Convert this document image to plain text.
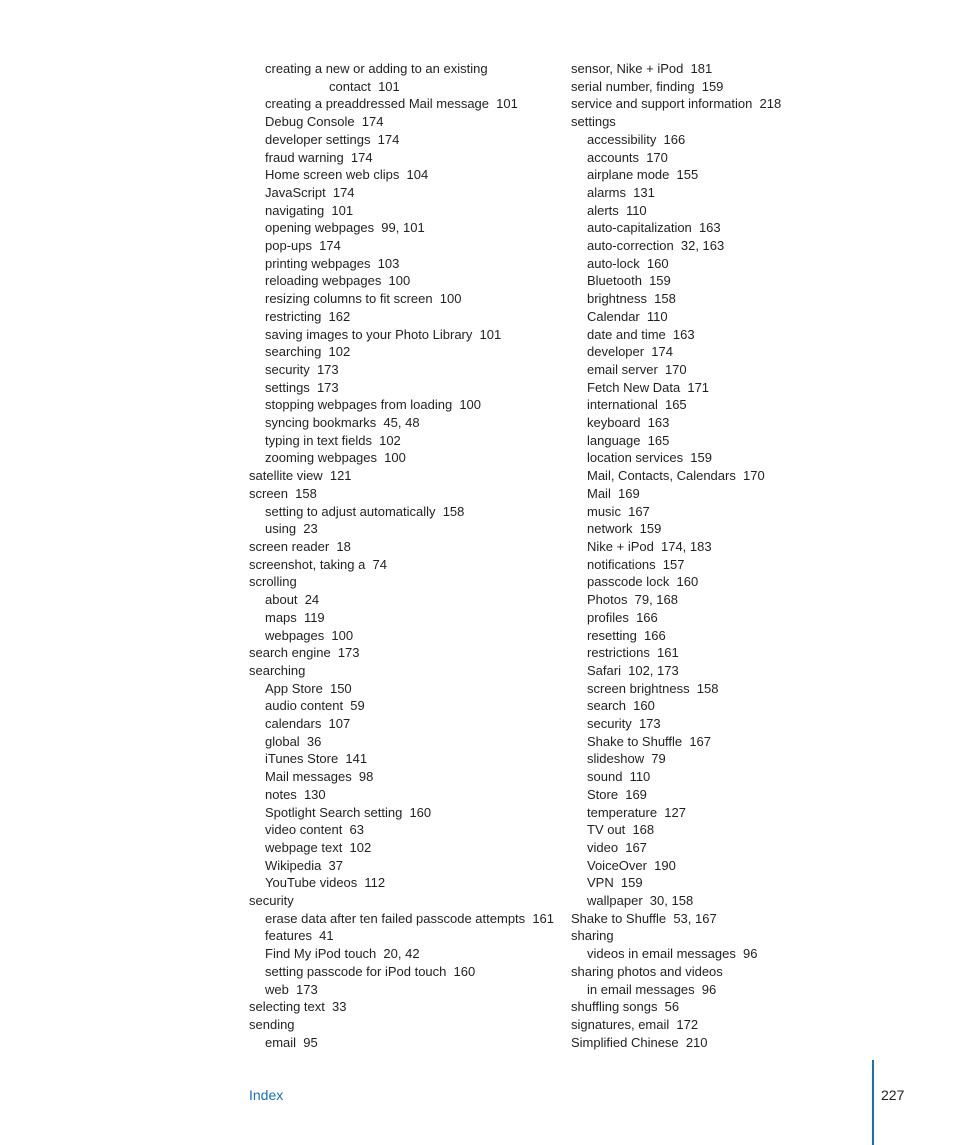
creating a new or adding to an existing
contact 101
creating a preaddressed Mail message 101
Debug Console 174
developer settings 174
fraud warning 174
Home screen web clips 104
JavaScript 174
navigating 101
opening webpages 99, 101
pop-ups 174
printing webpages 103
reloading webpages 100
resizing columns to fit screen 100
restricting 162
saving images to your Photo Library 101
searching 102
security 173
settings 173
stopping webpages from loading 100
syncing bookmarks 45, 48
typing in text fields 102
zooming webpages 100
satellite view 121
screen 158
setting to adjust automatically 158
using 23
screen reader 18
screenshot, taking a 74
scrolling
about 24
maps 119
webpages 100
search engine 173
searching
App Store 150
audio content 59
calendars 107
global 36
iTunes Store 141
Mail messages 98
notes 130
Spotlight Search setting 160
video content 63
webpage text 102
Wikipedia 37
YouTube videos 112
security
erase data after ten failed passcode attempts 161
features 41
Find My iPod touch 20, 42
setting passcode for iPod touch 160
web 173
selecting text 33
sending
email 95
sensor, Nike + iPod 181
serial number, finding 159
service and support information 218
settings
accessibility 166
accounts 170
airplane mode 155
alarms 131
alerts 110
auto-capitalization 163
auto-correction 32, 163
auto-lock 160
Bluetooth 159
brightness 158
Calendar 110
date and time 163
developer 174
email server 170
Fetch New Data 171
international 165
keyboard 163
language 165
location services 159
Mail, Contacts, Calendars 170
Mail 169
music 167
network 159
Nike + iPod 174, 183
notifications 157
passcode lock 160
Photos 79, 168
profiles 166
resetting 166
restrictions 161
Safari 102, 173
screen brightness 158
search 160
security 173
Shake to Shuffle 167
slideshow 79
sound 110
Store 169
temperature 127
TV out 168
video 167
VoiceOver 190
VPN 159
wallpaper 30, 158
Shake to Shuffle 53, 167
sharing
videos in email messages 96
sharing photos and videos
in email messages 96
shuffling songs 56
signatures, email 172
Simplified Chinese 210
Index	227
